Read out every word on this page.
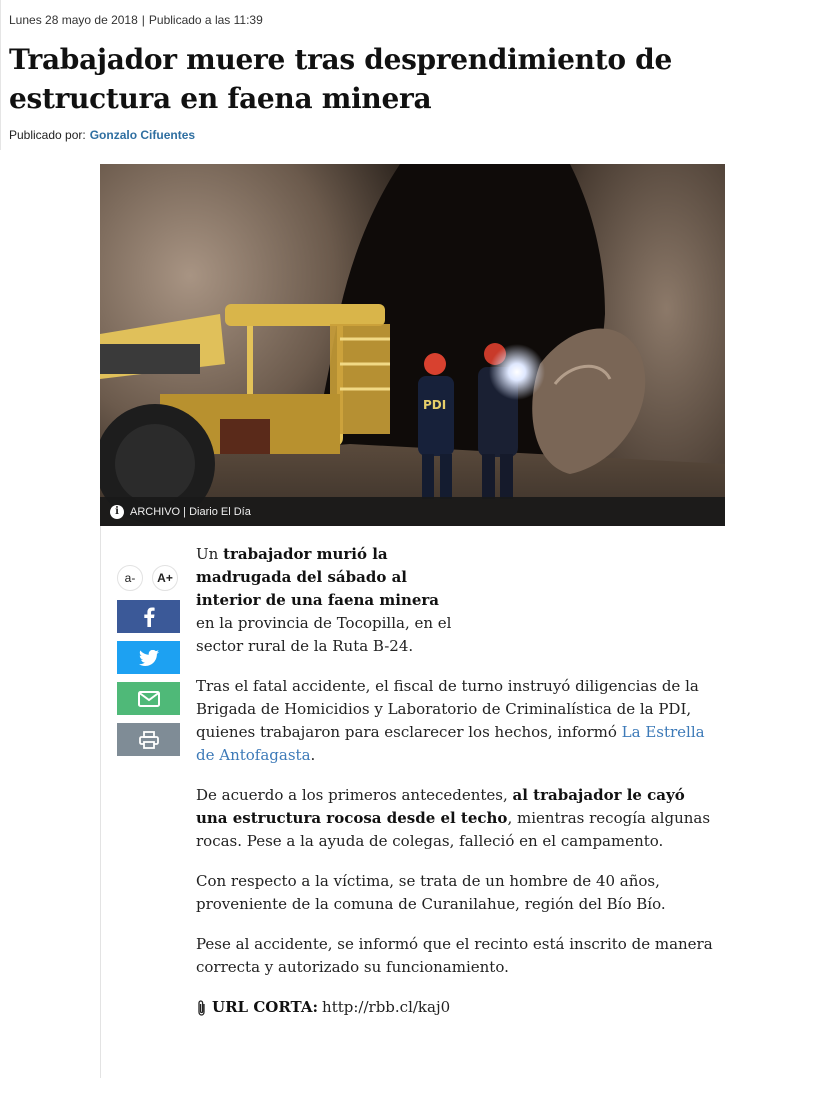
Lunes 28 mayo de 2018 | Publicado a las 11:39
Trabajador muere tras desprendimiento de estructura en faena minera
Publicado por: Gonzalo Cifuentes
PDI
i	ARCHIVO | Diario El Día
a-	A+

Un trabajador murió la madrugada del sábado al interior de una faena minera en la provincia de Tocopilla, en el sector rural de la Ruta B-24.

Tras el fatal accidente, el fiscal de turno instruyó diligencias de la Brigada de Homicidios y Laboratorio de Criminalística de la PDI, quienes trabajaron para esclarecer los hechos, informó La Estrella de Antofagasta.

De acuerdo a los primeros antecedentes, al trabajador le cayó una estructura rocosa desde el techo, mientras recogía algunas rocas. Pese a la ayuda de colegas, falleció en el campamento.

Con respecto a la víctima, se trata de un hombre de 40 años, proveniente de la comuna de Curanilahue, región del Bío Bío.

Pese al accidente, se informó que el recinto está inscrito de manera correcta y autorizado su funcionamiento.

URL CORTA: http://rbb.cl/kaj0
